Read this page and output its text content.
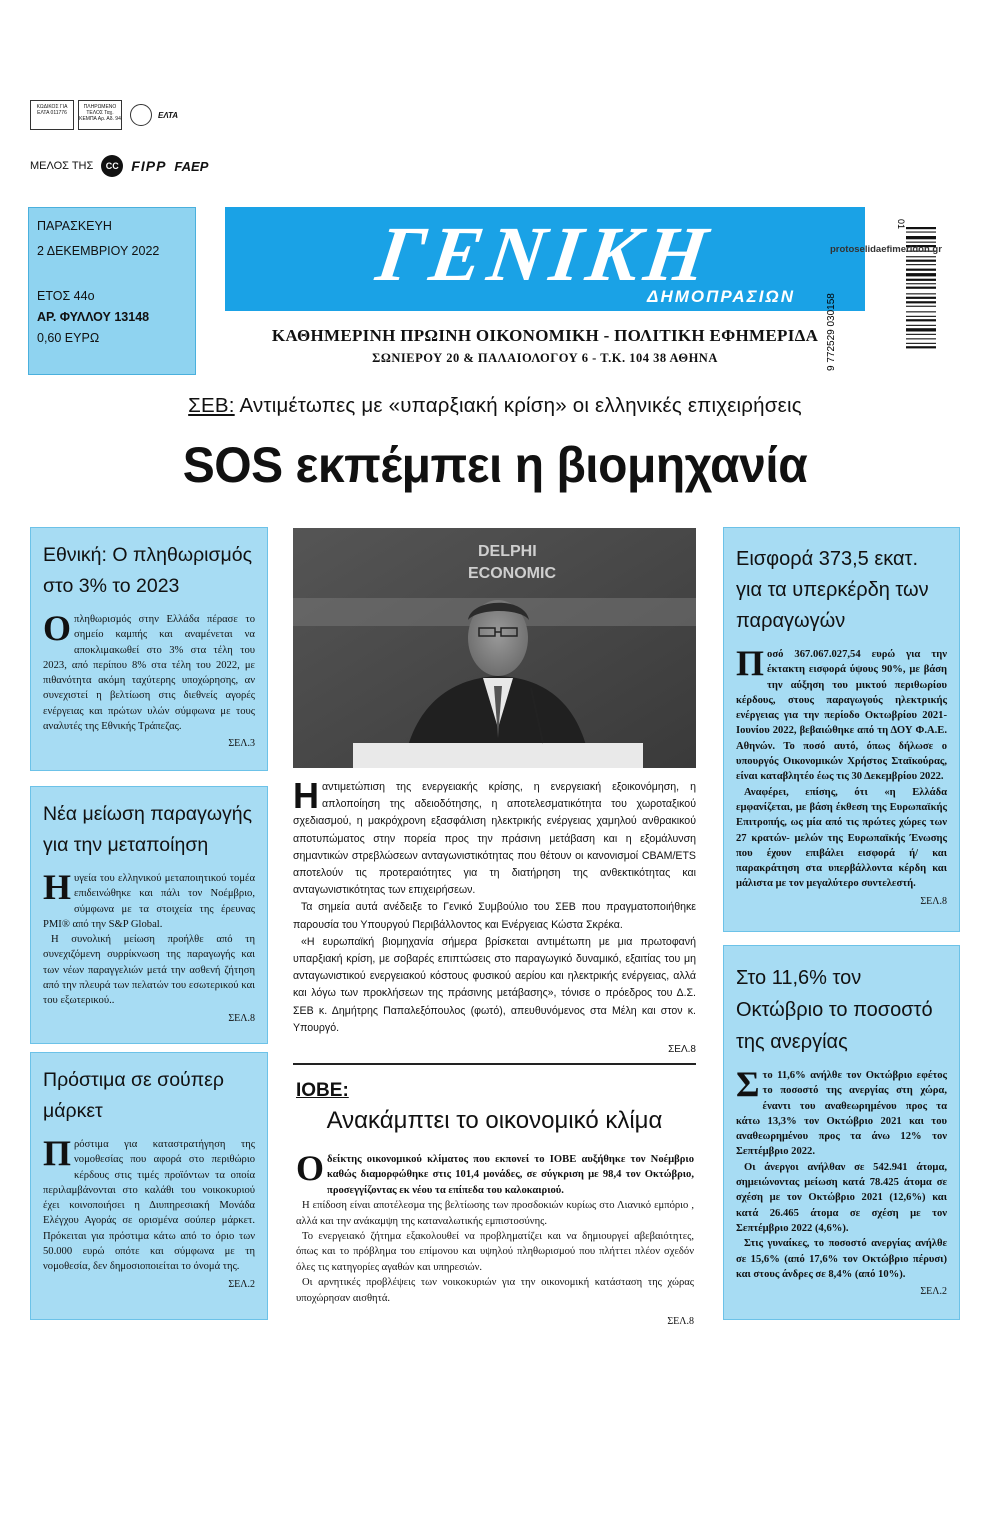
ΚΩΔΙΚΟΣ ΓΙΑ ΕΛΤΑ 011776
ΠΛΗΡΩΜΕΝΟ ΤΕΛΟΣ Ταχ. ΚΕΜΠΑ Αρ. Αδ. 94	ΕΛΤΑ
ΜΕΛΟΣ ΤΗΣ	CC FIPP FAEP
ΠΑΡΑΣΚΕΥΗ
2 ΔΕΚΕΜΒΡΙΟΥ 2022
ΕΤΟΣ 44ο
ΑΡ. ΦΥΛΛΟΥ 13148
0,60 ΕΥΡΩ
ΓΕΝΙΚΗ
ΔΗΜΟΠΡΑΣΙΩΝ
ΚΑΘΗΜΕΡΙΝΗ ΠΡΩΙΝΗ ΟΙΚΟΝΟΜΙΚΗ - ΠΟΛΙΤΙΚΗ ΕΦΗΜΕΡΙΔΑ
ΣΩΝΙΕΡΟΥ 20 & ΠΑΛΑΙΟΛΟΓΟΥ 6 - Τ.Κ. 104 38 ΑΘΗΝΑ
01
9 772529 030158
protoselidaefimeridon.gr
ΣΕΒ: Αντιμέτωπες με «υπαρξιακή κρίση» οι ελληνικές επιχειρήσεις
SOS εκπέμπει η βιομηχανία
Εθνική: Ο πληθωρισμός στο 3% το 2023
Ο πληθωρισμός στην Ελλάδα πέρασε το σημείο καμπής και αναμένεται να αποκλιμακωθεί στο 3% στα τέλη του 2023, από περίπου 8% στα τέλη του 2022, με πιθανότητα ακόμη ταχύτερης υποχώρησης, αν συνεχιστεί η βελτίωση στις διεθνείς αγορές ενέργειας και πρώτων υλών σύμφωνα με τους αναλυτές της Εθνικής Τράπεζας.

ΣΕΛ.3
Νέα μείωση παραγωγής για την μεταποίηση
Η υγεία του ελληνικού μεταποιητικού τομέα επιδεινώθηκε και πάλι τον Νοέμβριο, σύμφωνα με τα στοιχεία της έρευνας PMI® από την S&P Global.

Η συνολική μείωση προήλθε από τη συνεχιζόμενη συρρίκνωση της παραγωγής και των νέων παραγγελιών μετά την ασθενή ζήτηση από την πλευρά των πελατών του εσωτερικού και του εξωτερικού..

ΣΕΛ.8
Πρόστιμα σε σούπερ μάρκετ
Π ρόστιμα για καταστρατήγηση της νομοθεσίας που αφορά στο περιθώριο κέρδους στις τιμές προϊόντων τα οποία περιλαμβάνονται στο καλάθι του νοικοκυριού έχει κοινοποιήσει η Διυπηρεσιακή Μονάδα Ελέγχου Αγοράς σε ορισμένα σούπερ μάρκετ. Πρόκειται για πρόστιμα κάτω από το όριο των 50.000 ευρώ οπότε και σύμφωνα με τη νομοθεσία, δεν δημοσιοποιείται το όνομά της.

ΣΕΛ.2
DELPHI
ECONOMIC
Η αντιμετώπιση της ενεργειακής κρίσης, η ενεργειακή εξοικονόμηση, η απλοποίηση της αδειοδότησης, η αποτελεσματικότητα του χωροταξικού σχεδιασμού, η μακρόχρονη εξασφάλιση ηλεκτρικής ενέργειας χαμηλού ανθρακικού αποτυπώματος στην πορεία προς την πράσινη μετάβαση και η εξομάλυνση σημαντικών στρεβλώσεων ανταγωνιστικότητας που θέτουν οι κανονισμοί CBAM/ETS αποτελούν τις προτεραιότητες για τη διατήρηση της ανθεκτικότητας και ανταγωνιστικότητας των επιχειρήσεων.

Τα σημεία αυτά ανέδειξε το Γενικό Συμβούλιο του ΣΕΒ που πραγματοποιήθηκε παρουσία του Υπουργού Περιβάλλοντος και Ενέργειας Κώστα Σκρέκα.

«Η ευρωπαϊκή βιομηχανία σήμερα βρίσκεται αντιμέτωπη με μια πρωτοφανή υπαρξιακή κρίση, με σοβαρές επιπτώσεις στο παραγωγικό δυναμικό, εξαιτίας του μη ανταγωνιστικού ενεργειακού κόστους φυσικού αερίου και ηλεκτρικής ενέργειας, αλλά και λόγω των προκλήσεων της πράσινης μετάβασης», τόνισε ο πρόεδρος του Δ.Σ. ΣΕΒ κ. Δημήτρης Παπαλεξόπουλος (φωτό), απευθυνόμενος στα Μέλη και στον κ. Υπουργό.

ΣΕΛ.8
ΙΟΒΕ:
Ανακάμπτει το οικονομικό κλίμα
Ο δείκτης οικονομικού κλίματος που εκπονεί το ΙΟΒΕ αυξήθηκε τον Νοέμβριο καθώς διαμορφώθηκε στις 101,4 μονάδες, σε σύγκριση με 98,4 τον Οκτώβριο, προσεγγίζοντας εκ νέου τα επίπεδα του καλοκαιριού.

Η επίδοση είναι αποτέλεσμα της βελτίωσης των προσδοκιών κυρίως στο Λιανικό εμπόριο , αλλά και την ανάκαμψη της καταναλωτικής εμπιστοσύνης.

Το ενεργειακό ζήτημα εξακολουθεί να προβληματίζει και να δημιουργεί αβεβαιότητες, όπως και το πρόβλημα του επίμονου και υψηλού πληθωρισμού που πλήττει πλέον σχεδόν όλες τις κατηγορίες αγαθών και υπηρεσιών.

Οι αρνητικές προβλέψεις των νοικοκυριών για την οικονομική κατάσταση της χώρας υποχώρησαν αισθητά.

ΣΕΛ.8
Εισφορά 373,5 εκατ. για τα υπερκέρδη των παραγωγών
Π οσό 367.067.027,54 ευρώ για την έκτακτη εισφορά ύψους 90%, με βάση την αύξηση του μικτού περιθωρίου κέρδους, στους παραγωγούς ηλεκτρικής ενέργειας για την περίοδο Οκτωβρίου 2021- Ιουνίου 2022, βεβαιώθηκε από τη ΔΟΥ Φ.Α.Ε. Αθηνών. Το ποσό αυτό, όπως δήλωσε ο υπουργός Οικονομικών Χρήστος Σταϊκούρας, είναι καταβλητέο έως τις 30 Δεκεμβρίου 2022.

Αναφέρει, επίσης, ότι «η Ελλάδα εμφανίζεται, με βάση έκθεση της Ευρωπαϊκής Επιτροπής, ως μία από τις πρώτες χώρες των 27 κρατών- μελών της Ευρωπαϊκής Ένωσης που έχουν επιβάλει εισφορά ή/ και παρακράτηση στα υπερβάλλοντα κέρδη και μάλιστα με τον μεγαλύτερο συντελεστή.

ΣΕΛ.8
Στο 11,6% τον Οκτώβριο το ποσοστό της ανεργίας
Σ το 11,6% ανήλθε τον Οκτώβριο εφέτος το ποσοστό της ανεργίας στη χώρα, έναντι του αναθεωρημένου προς τα κάτω 13,3% τον Οκτώβριο 2021 και του αναθεωρημένου προς τα άνω 12% τον Σεπτέμβριο 2022.

Οι άνεργοι ανήλθαν σε 542.941 άτομα, σημειώνοντας μείωση κατά 78.425 άτομα σε σχέση με τον Οκτώβριο 2021 (12,6%) και κατά 26.465 άτομα σε σχέση με τον Σεπτέμβριο 2022 (4,6%).

Στις γυναίκες, το ποσοστό ανεργίας ανήλθε σε 15,6% (από 17,6% τον Οκτώβριο πέρυσι) και στους άνδρες σε 8,4% (από 10%).

ΣΕΛ.2
